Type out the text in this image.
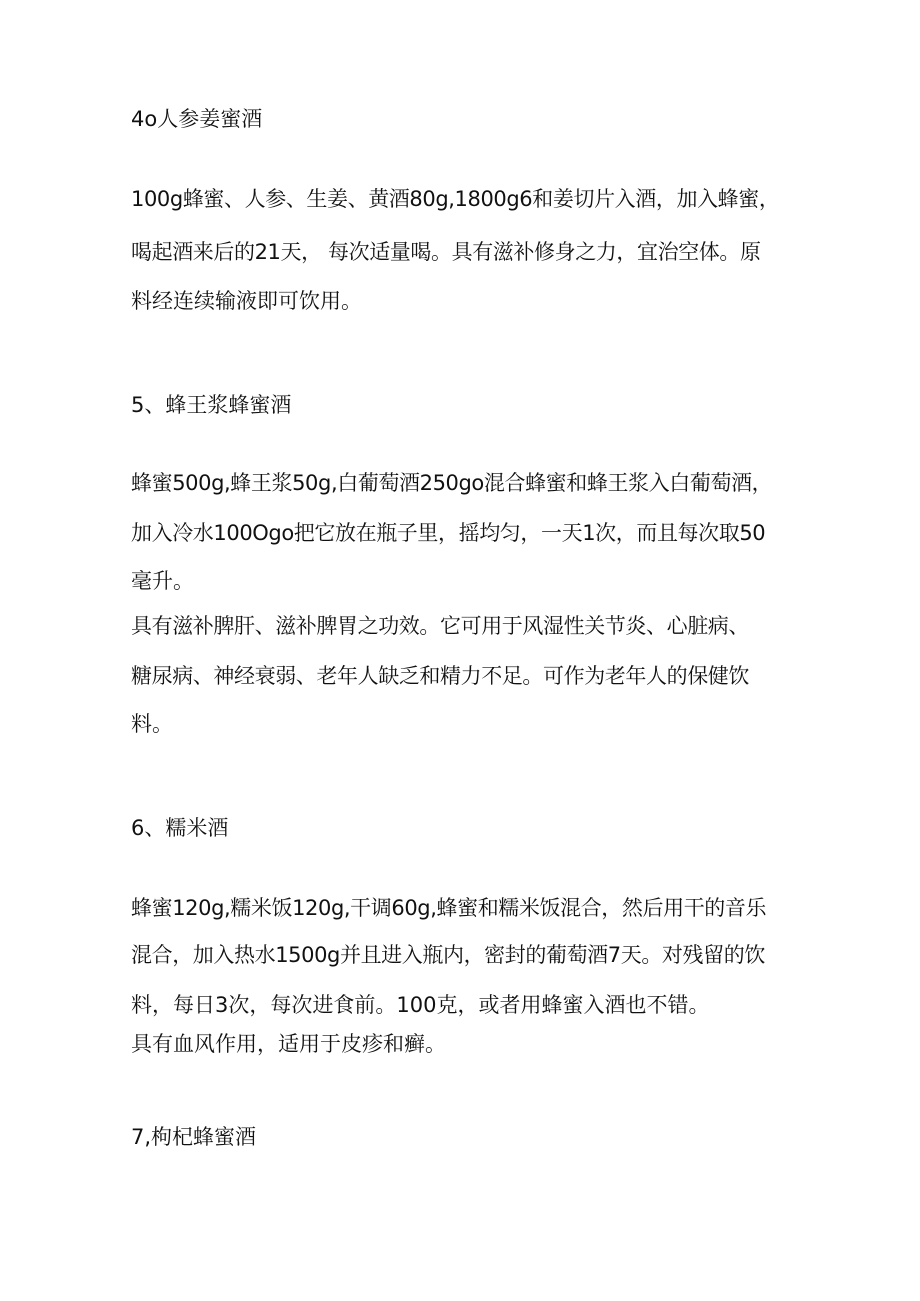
4o人参姜蜜酒
100g蜂蜜、人参、生姜、黄酒80g,1800g6和姜切片入酒，加入蜂蜜，
喝起酒来后的21天， 每次适量喝。具有滋补修身之力，宜治空体。原
料经连续输液即可饮用。
5、蜂王浆蜂蜜酒
蜂蜜500g,蜂王浆50g,白葡萄酒250go混合蜂蜜和蜂王浆入白葡萄酒，
加入冷水100Ogo把它放在瓶子里，摇均匀，一天1次，而且每次取50
毫升。
具有滋补脾肝、滋补脾胃之功效。它可用于风湿性关节炎、心脏病、
糖尿病、神经衰弱、老年人缺乏和精力不足。可作为老年人的保健饮
料。
6、糯米酒
蜂蜜120g,糯米饭120g,干调60g,蜂蜜和糯米饭混合，然后用干的音乐
混合，加入热水1500g并且进入瓶内，密封的葡萄酒7天。对残留的饮
料，每日3次，每次进食前。100克，或者用蜂蜜入酒也不错。
具有血风作用，适用于皮疹和癣。
7,枸杞蜂蜜酒
